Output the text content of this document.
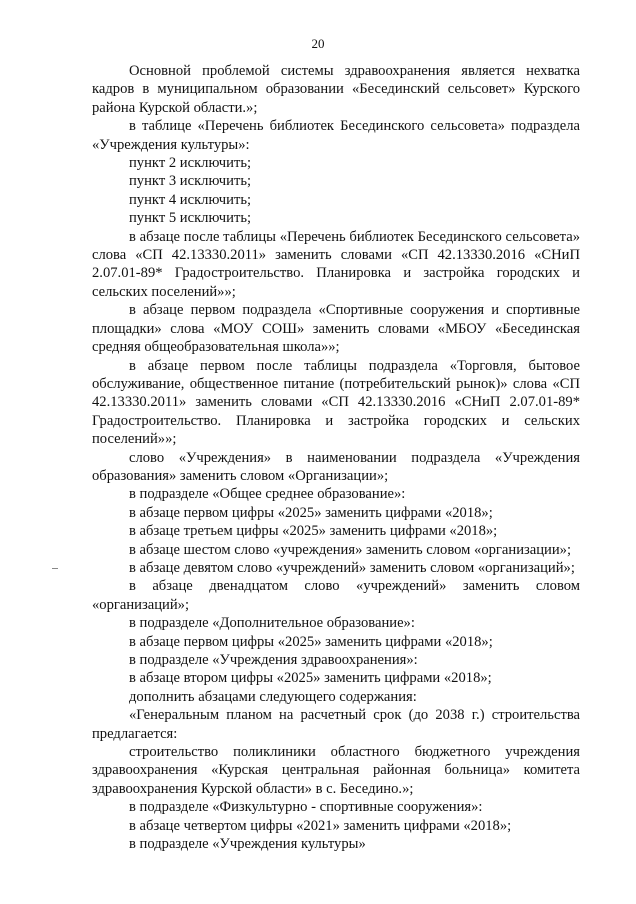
20

Основной проблемой системы здравоохранения является нехватка кадров в муниципальном образовании «Бесединский сельсовет» Курского района Курской области.»;

в таблице «Перечень библиотек Бесединского сельсовета» подраздела «Учреждения культуры»:

пункт 2 исключить;

пункт 3 исключить;

пункт 4 исключить;

пункт 5 исключить;

в абзаце после таблицы «Перечень библиотек Бесединского сельсовета» слова «СП 42.13330.2011» заменить словами «СП 42.13330.2016 «СНиП 2.07.01-89* Градостроительство. Планировка и застройка городских и сельских поселений»»;

в абзаце первом подраздела «Спортивные сооружения и спортивные площадки» слова «МОУ СОШ» заменить словами «МБОУ «Бесединская средняя общеобразовательная школа»»;

в абзаце первом после таблицы подраздела «Торговля, бытовое обслуживание, общественное питание (потребительский рынок)» слова «СП 42.13330.2011» заменить словами «СП 42.13330.2016 «СНиП 2.07.01-89* Градостроительство. Планировка и застройка городских и сельских поселений»»;

слово «Учреждения» в наименовании подраздела «Учреждения образования» заменить словом «Организации»;

в подразделе «Общее среднее образование»:

в абзаце первом цифры «2025» заменить цифрами «2018»;

в абзаце третьем цифры «2025» заменить цифрами «2018»;

в абзаце шестом слово «учреждения» заменить словом «организации»;

в абзаце девятом слово «учреждений» заменить словом «организаций»;

в абзаце двенадцатом слово «учреждений» заменить словом «организаций»;

в подразделе «Дополнительное образование»:

в абзаце первом цифры «2025» заменить цифрами «2018»;

в подразделе «Учреждения здравоохранения»:

в абзаце втором цифры «2025» заменить цифрами «2018»;

дополнить абзацами следующего содержания:

«Генеральным планом на расчетный срок (до 2038 г.) строительства предлагается:

строительство поликлиники областного бюджетного учреждения здравоохранения «Курская центральная районная больница» комитета здравоохранения Курской области» в с. Беседино.»;

в подразделе «Физкультурно - спортивные сооружения»:

в абзаце четвертом цифры «2021» заменить цифрами «2018»;

в подразделе «Учреждения культуры»
